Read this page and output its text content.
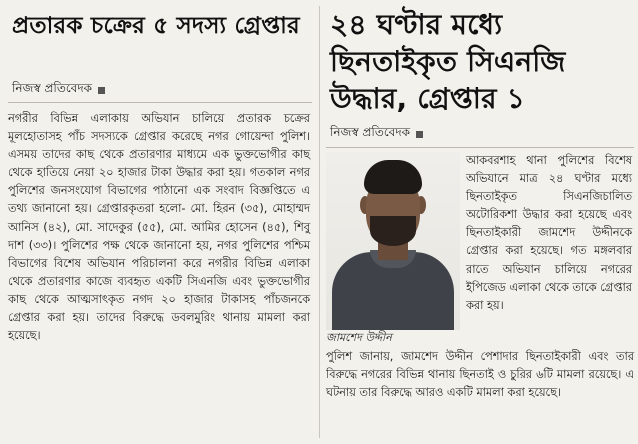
প্রতারক চক্রের ৫ সদস্য গ্রেপ্তার
নিজস্ব প্রতিবেদক

নগরীর বিভিন্ন এলাকায় অভিযান চালিয়ে প্রতারক চক্রের মূলহোতাসহ পাঁচ সদস্যকে গ্রেপ্তার করেছে নগর গোয়েন্দা পুলিশ। এসময় তাদের কাছ থেকে প্রতারণার মাধ্যমে এক ভুক্তভোগীর কাছ থেকে হাতিয়ে নেয়া ২০ হাজার টাকা উদ্ধার করা হয়। গতকাল নগর পুলিশের জনসংযোগ বিভাগের পাঠানো এক সংবাদ বিজ্ঞপ্তিতে এ তথ্য জানানো হয়। গ্রেপ্তারকৃতরা হলো- মো. হিরন (৩৫), মোহাম্মদ আনিস (৪২), মো. সাদেকুর (৫৫), মো. আমির হোসেন (৪৫), শিবু দাশ (৩৩)। পুলিশের পক্ষ থেকে জানানো হয়, নগর পুলিশের পশ্চিম বিভাগের বিশেষ অভিযান পরিচালনা করে নগরীর বিভিন্ন এলাকা থেকে প্রতারণার কাজে ব্যবহৃত একটি সিএনজি এবং ভুক্তভোগীর কাছ থেকে আত্মসাৎকৃত নগদ ২০ হাজার টাকাসহ পাঁচজনকে গ্রেপ্তার করা হয়। তাদের বিরুদ্ধে ডবলমুরিং থানায় মামলা করা হয়েছে।

২৪ ঘণ্টার মধ্যে ছিনতাইকৃত সিএনজি উদ্ধার, গ্রেপ্তার ১
নিজস্ব প্রতিবেদক
জামশেদ উদ্দীন

আকবরশাহ থানা পুলিশের বিশেষ অভিযানে মাত্র ২৪ ঘণ্টার মধ্যে ছিনতাইকৃত সিএনজিচালিত অটোরিকশা উদ্ধার করা হয়েছে এবং ছিনতাইকারী জামশেদ উদ্দীনকে গ্রেপ্তার করা হয়েছে। গত মঙ্গলবার রাতে অভিযান চালিয়ে নগরের ইপিজেড এলাকা থেকে তাকে গ্রেপ্তার করা হয়।

পুলিশ জানায়, জামশেদ উদ্দীন পেশাদার ছিনতাইকারী এবং তার বিরুদ্ধে নগরের বিভিন্ন থানায় ছিনতাই ও চুরির ৬টি মামলা রয়েছে। এ ঘটনায় তার বিরুদ্ধে আরও একটি মামলা করা হয়েছে।
